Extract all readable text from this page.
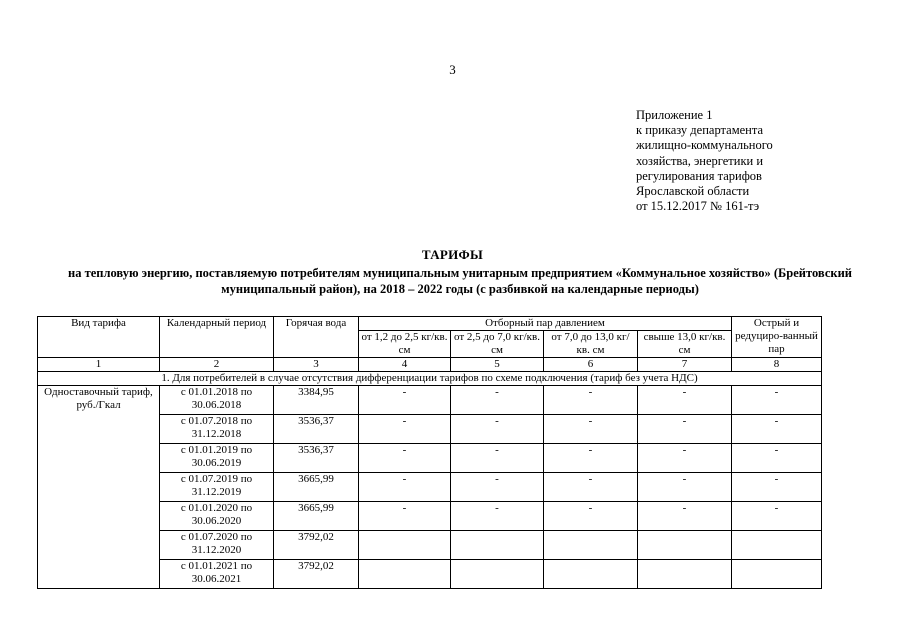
3
Приложение 1
к приказу департамента
жилищно-коммунального
хозяйства, энергетики и
регулирования тарифов
Ярославской области
от 15.12.2017 № 161-тэ
ТАРИФЫ
на тепловую энергию, поставляемую потребителям муниципальным унитарным предприятием «Коммунальное хозяйство» (Брейтовский муниципальный район), на 2018 – 2022 годы (с разбивкой на календарные периоды)
Вид тарифа	Календарный период	Горячая вода	Отборный пар давлением				Острый и редуциро-ванный пар
			от 1,2 до 2,5 кг/кв. см	от 2,5 до 7,0 кг/кв. см	от 7,0 до 13,0 кг/кв. см	свыше 13,0 кг/кв. см	
1	2	3	4	5	6	7	8
1. Для потребителей в случае отсутствия дифференциации тарифов по схеме подключения (тариф без учета НДС)							
Одноставочный тариф, руб./Гкал	с 01.01.2018 по 30.06.2018	3384,95	-	-	-	-	-
	с 01.07.2018 по 31.12.2018	3536,37	-	-	-	-	-
	с 01.01.2019 по 30.06.2019	3536,37	-	-	-	-	-
	с 01.07.2019 по 31.12.2019	3665,99	-	-	-	-	-
	с 01.01.2020 по 30.06.2020	3665,99	-	-	-	-	-
	с 01.07.2020 по 31.12.2020	3792,02					
	с 01.01.2021 по 30.06.2021	3792,02					
